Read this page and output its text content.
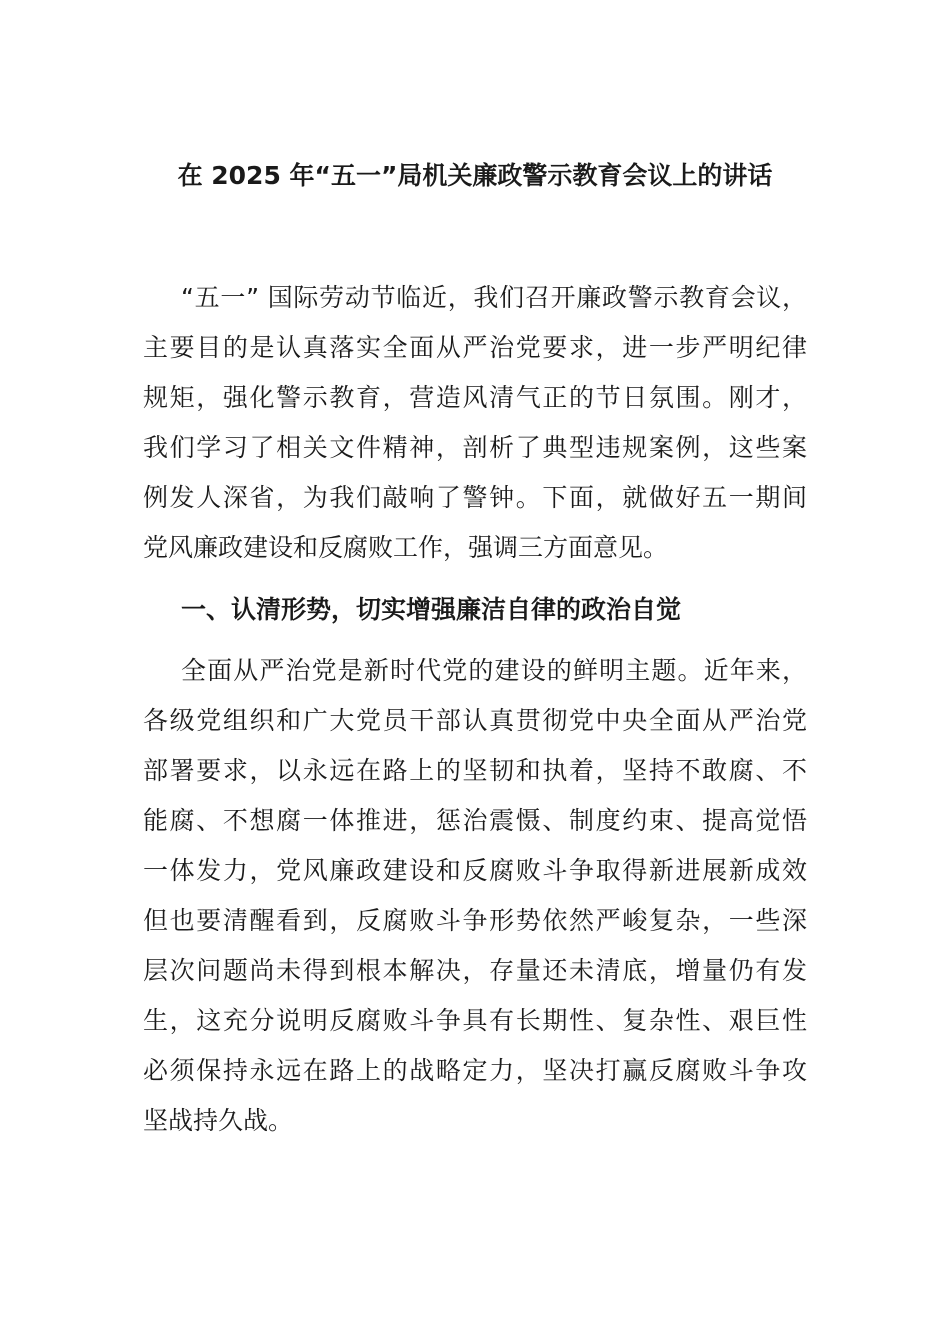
在 2025 年“五一”局机关廉政警示教育会议上的讲话
“五一” 国际劳动节临近，我们召开廉政警示教育会议，
主要目的是认真落实全面从严治党要求，进一步严明纪律
规矩，强化警示教育，营造风清气正的节日氛围。刚才，
我们学习了相关文件精神，剖析了典型违规案例，这些案
例发人深省，为我们敲响了警钟。下面，就做好五一期间
党风廉政建设和反腐败工作，强调三方面意见。
一、认清形势，切实增强廉洁自律的政治自觉
全面从严治党是新时代党的建设的鲜明主题。近年来，
各级党组织和广大党员干部认真贯彻党中央全面从严治党
部署要求，以永远在路上的坚韧和执着，坚持不敢腐、不
能腐、不想腐一体推进，惩治震慑、制度约束、提高觉悟
一体发力，党风廉政建设和反腐败斗争取得新进展新成效
但也要清醒看到，反腐败斗争形势依然严峻复杂，一些深
层次问题尚未得到根本解决，存量还未清底，增量仍有发
生，这充分说明反腐败斗争具有长期性、复杂性、艰巨性
必须保持永远在路上的战略定力，坚决打赢反腐败斗争攻
坚战持久战。
